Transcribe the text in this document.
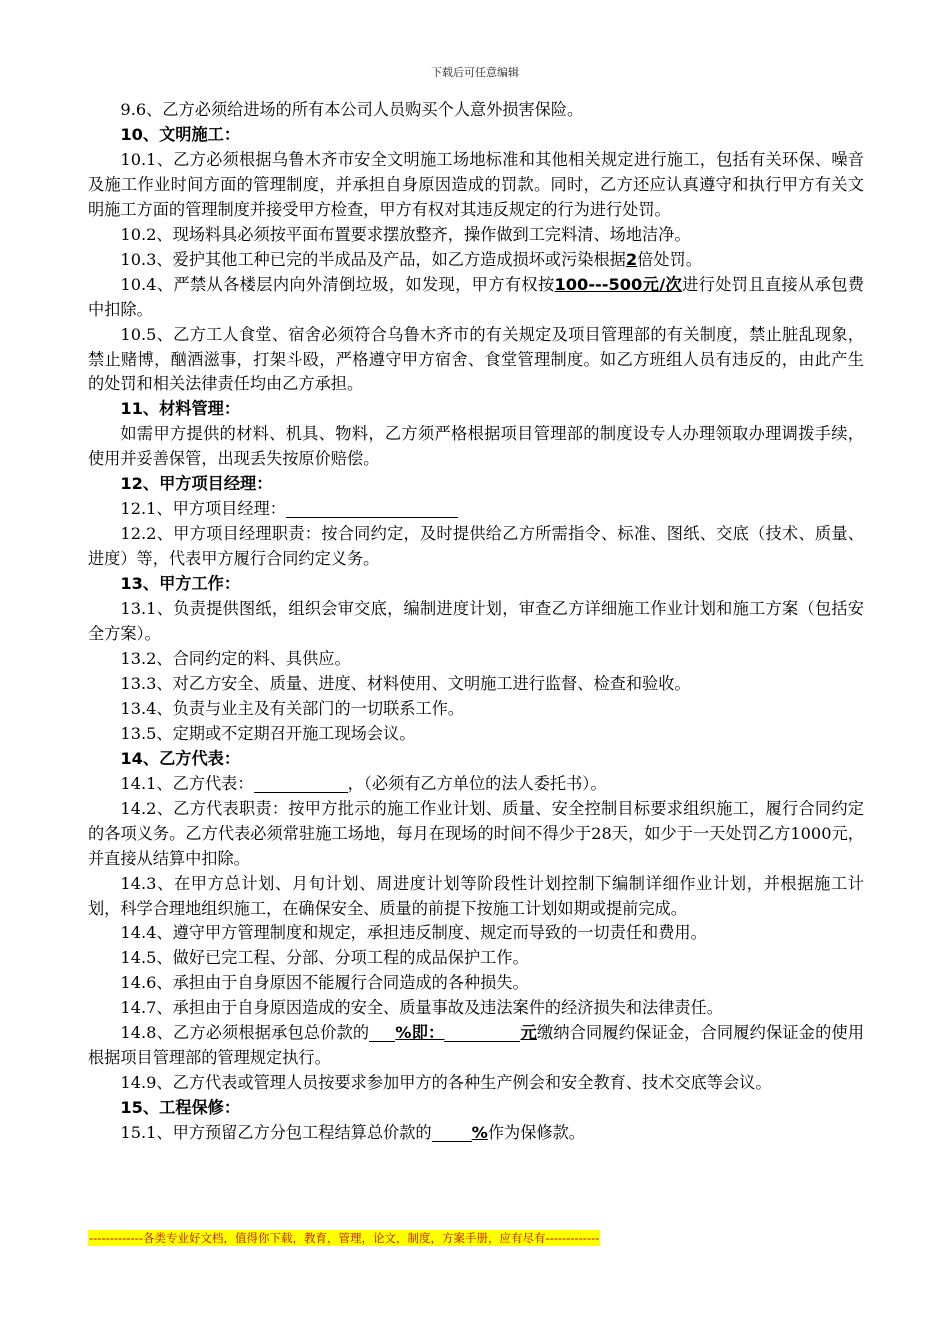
下载后可任意编辑

9.6、乙方必须给进场的所有本公司人员购买个人意外损害保险。

10、文明施工：

10.1、乙方必须根据乌鲁木齐市安全文明施工场地标准和其他相关规定进行施工，包括有关环保、噪音及施工作业时间方面的管理制度，并承担自身原因造成的罚款。同时，乙方还应认真遵守和执行甲方有关文明施工方面的管理制度并接受甲方检查，甲方有权对其违反规定的行为进行处罚。

10.2、现场料具必须按平面布置要求摆放整齐，操作做到工完料清、场地洁净。

10.3、爱护其他工种已完的半成品及产品，如乙方造成损坏或污染根据2倍处罚。

10.4、严禁从各楼层内向外清倒垃圾，如发现，甲方有权按100---500元/次进行处罚且直接从承包费中扣除。

10.5、乙方工人食堂、宿舍必须符合乌鲁木齐市的有关规定及项目管理部的有关制度，禁止脏乱现象，禁止赌博，酗酒滋事，打架斗殴，严格遵守甲方宿舍、食堂管理制度。如乙方班组人员有违反的，由此产生的处罚和相关法律责任均由乙方承担。

11、材料管理：

如需甲方提供的材料、机具、物料，乙方须严格根据项目管理部的制度设专人办理领取办理调拨手续，使用并妥善保管，出现丢失按原价赔偿。

12、甲方项目经理：

12.1、甲方项目经理：

12.2、甲方项目经理职责：按合同约定，及时提供给乙方所需指令、标准、图纸、交底（技术、质量、进度）等，代表甲方履行合同约定义务。

13、甲方工作：

13.1、负责提供图纸，组织会审交底，编制进度计划，审查乙方详细施工作业计划和施工方案（包括安全方案）。

13.2、合同约定的料、具供应。

13.3、对乙方安全、质量、进度、材料使用、文明施工进行监督、检查和验收。

13.4、负责与业主及有关部门的一切联系工作。

13.5、定期或不定期召开施工现场会议。

14、乙方代表：

14.1、乙方代表：	，（必须有乙方单位的法人委托书）。

14.2、乙方代表职责：按甲方批示的施工作业计划、质量、安全控制目标要求组织施工，履行合同约定的各项义务。乙方代表必须常驻施工场地，每月在现场的时间不得少于28天，如少于一天处罚乙方1000元，并直接从结算中扣除。

14.3、在甲方总计划、月旬计划、周进度计划等阶段性计划控制下编制详细作业计划，并根据施工计划，科学合理地组织施工，在确保安全、质量的前提下按施工计划如期或提前完成。

14.4、遵守甲方管理制度和规定，承担违反制度、规定而导致的一切责任和费用。

14.5、做好已完工程、分部、分项工程的成品保护工作。

14.6、承担由于自身原因不能履行合同造成的各种损失。

14.7、承担由于自身原因造成的安全、质量事故及违法案件的经济损失和法律责任。

14.8、乙方必须根据承包总价款的 %即：	元缴纳合同履约保证金，合同履约保证金的使用根据项目管理部的管理规定执行。

14.9、乙方代表或管理人员按要求参加甲方的各种生产例会和安全教育、技术交底等会议。

15、工程保修：

15.1、甲方预留乙方分包工程结算总价款的 %作为保修款。

-------------各类专业好文档，值得你下载，教育，管理，论文，制度，方案手册，应有尽有-------------
